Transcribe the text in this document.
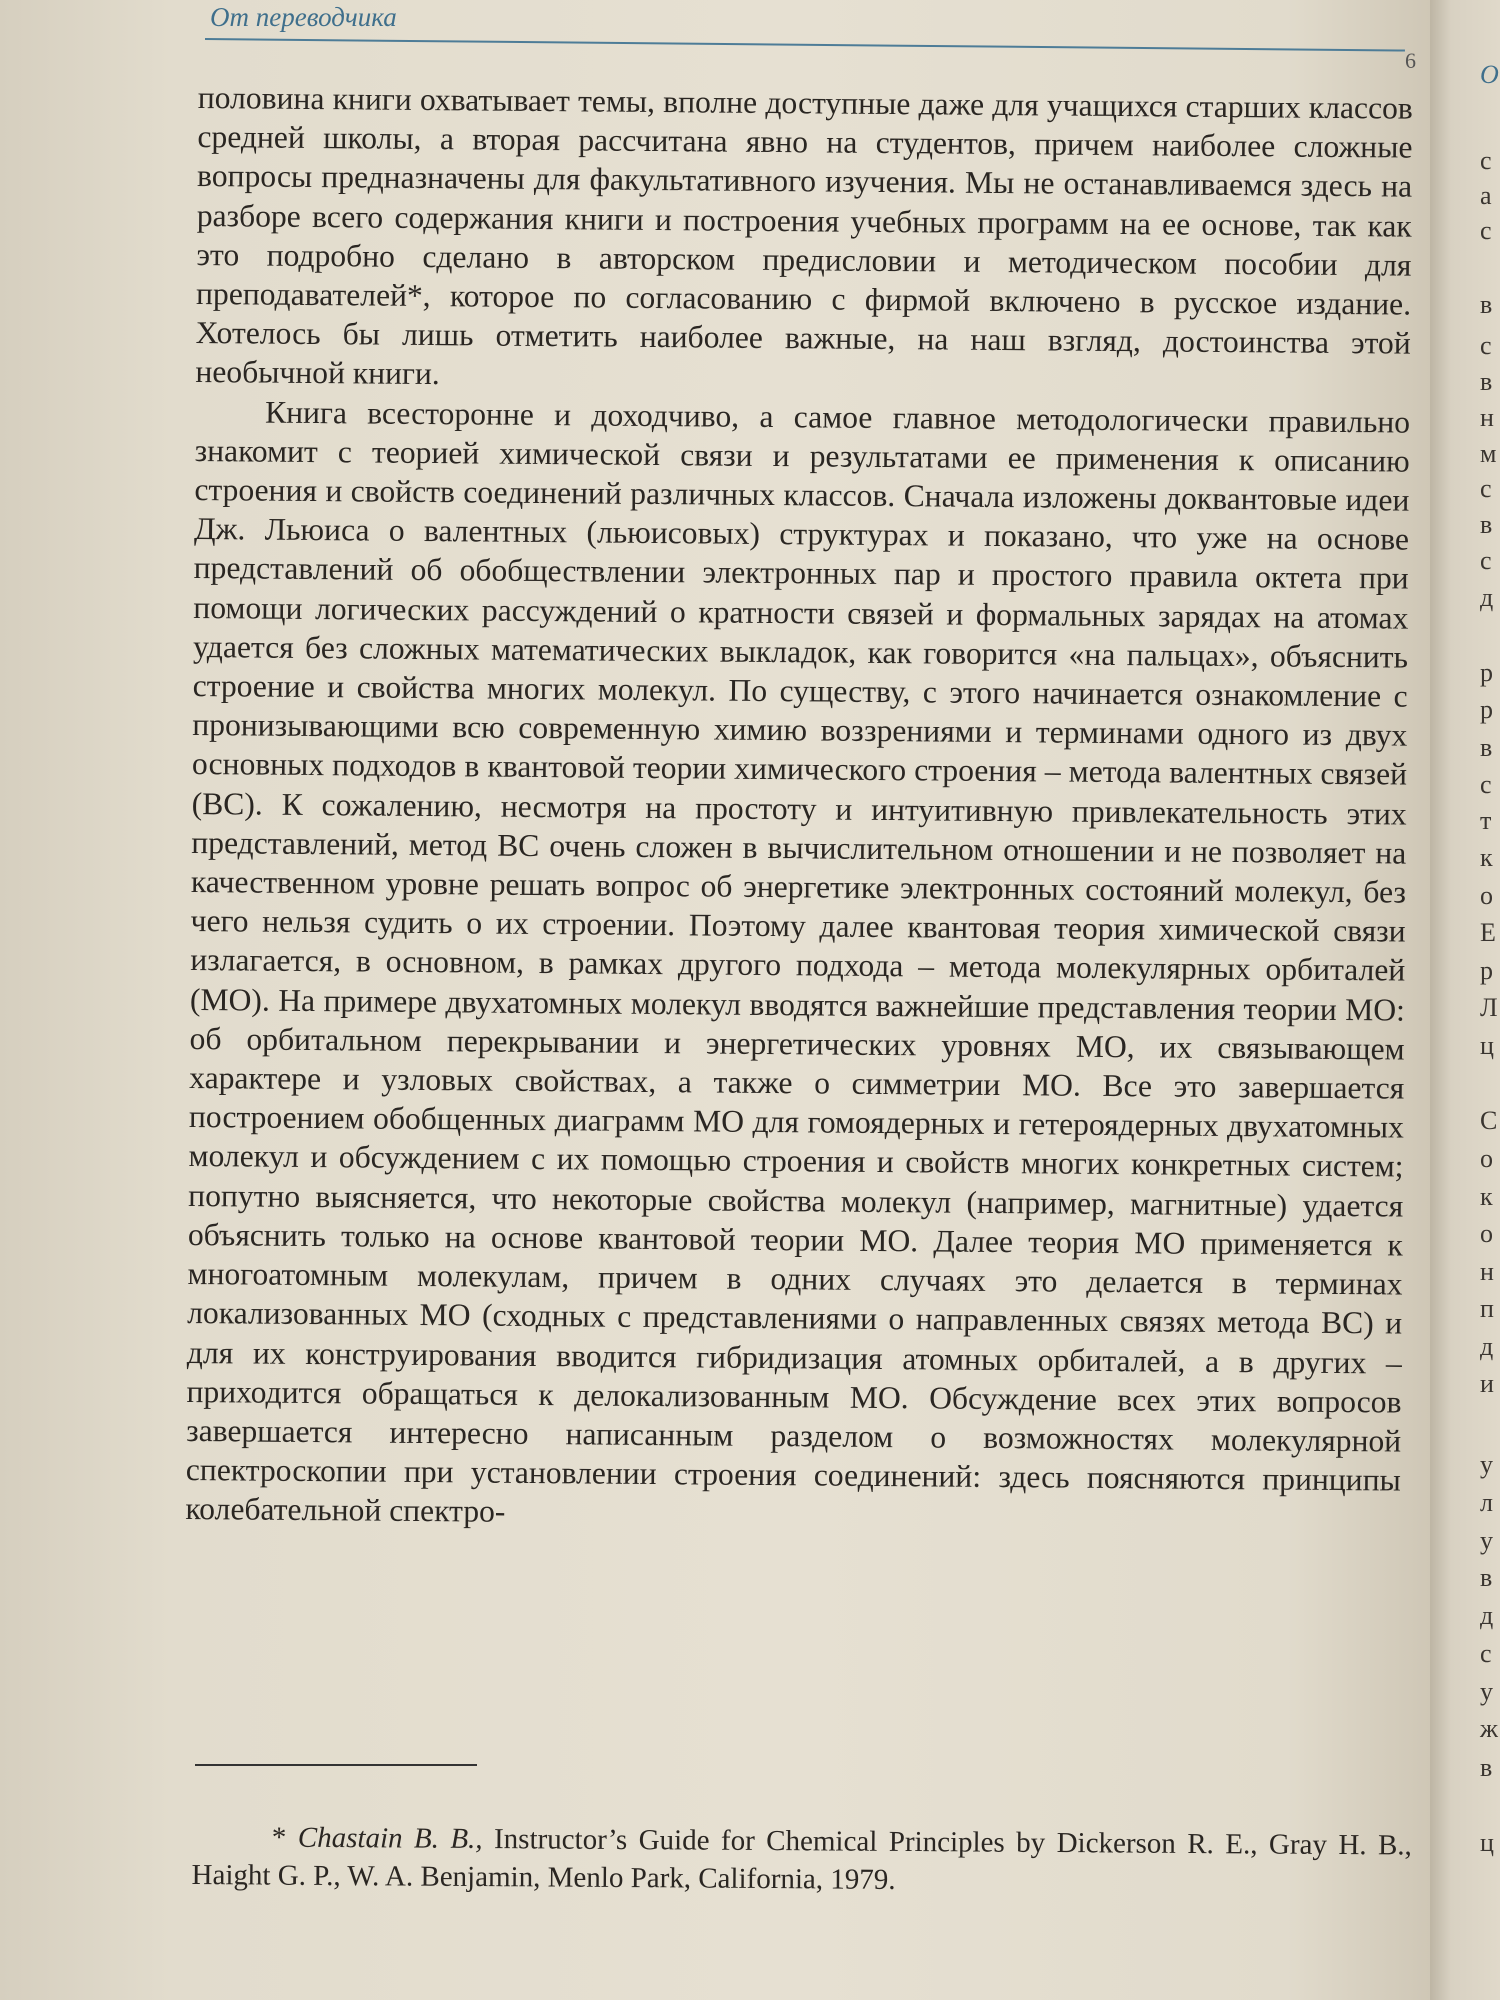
От переводчика
6

половина книги охватывает темы, вполне доступные даже для учащихся старших классов средней школы, а вторая рассчитана явно на студентов, причем наиболее сложные вопросы предназначены для факультативного изучения. Мы не останавливаемся здесь на разборе всего содержания книги и построения учебных программ на ее основе, так как это подробно сделано в авторском предисловии и методическом пособии для преподавателей*, которое по согласованию с фирмой включено в русское издание. Хотелось бы лишь отметить наиболее важные, на наш взгляд, достоинства этой необычной книги.

Книга всесторонне и доходчиво, а самое главное методологически правильно знакомит с теорией химической связи и результатами ее применения к описанию строения и свойств соединений различных классов. Сначала изложены доквантовые идеи Дж. Льюиса о валентных (льюисовых) структурах и показано, что уже на основе представлений об обобществлении электронных пар и простого правила октета при помощи логических рассуждений о кратности связей и формальных зарядах на атомах удается без сложных математических выкладок, как говорится «на пальцах», объяснить строение и свойства многих молекул. По существу, с этого начинается ознакомление с пронизывающими всю современную химию воззрениями и терминами одного из двух основных подходов в квантовой теории химического строения – метода валентных связей (ВС). К сожалению, несмотря на простоту и интуитивную привлекательность этих представлений, метод ВС очень сложен в вычислительном отношении и не позволяет на качественном уровне решать вопрос об энергетике электронных состояний молекул, без чего нельзя судить о их строении. Поэтому далее квантовая теория химической связи излагается, в основном, в рамках другого подхода – метода молекулярных орбиталей (МО). На примере двухатомных молекул вводятся важнейшие представления теории МО: об орбитальном перекрывании и энергетических уровнях МО, их связывающем характере и узловых свойствах, а также о симметрии МО. Все это завершается построением обобщенных диаграмм МО для гомоядерных и гетероядерных двухатомных молекул и обсуждением с их помощью строения и свойств многих конкретных систем; попутно выясняется, что некоторые свойства молекул (например, магнитные) удается объяснить только на основе квантовой теории МО. Далее теория МО применяется к многоатомным молекулам, причем в одних случаях это делается в терминах локализованных МО (сходных с представлениями о направленных связях метода ВС) и для их конструирования вводится гибридизация атомных орбиталей, а в других – приходится обращаться к делокализованным МО. Обсуждение всех этих вопросов завершается интересно написанным разделом о возможностях молекулярной спектроскопии при установлении строения соединений: здесь поясняются принципы колебательной спектро-

* Chastain B. B., Instructor’s Guide for Chemical Principles by Dickerson R. E., Gray H. B., Haight G. P., W. A. Benjamin, Menlo Park, California, 1979.
О
с
а
с
в
с
в
н
м
с
в
с
д
р
р
в
с
т
к
о
Е
р
Л
ц
С
о
к
о
н
п
д
и
у
л
у
в
д
с
у
ж
в
ц
